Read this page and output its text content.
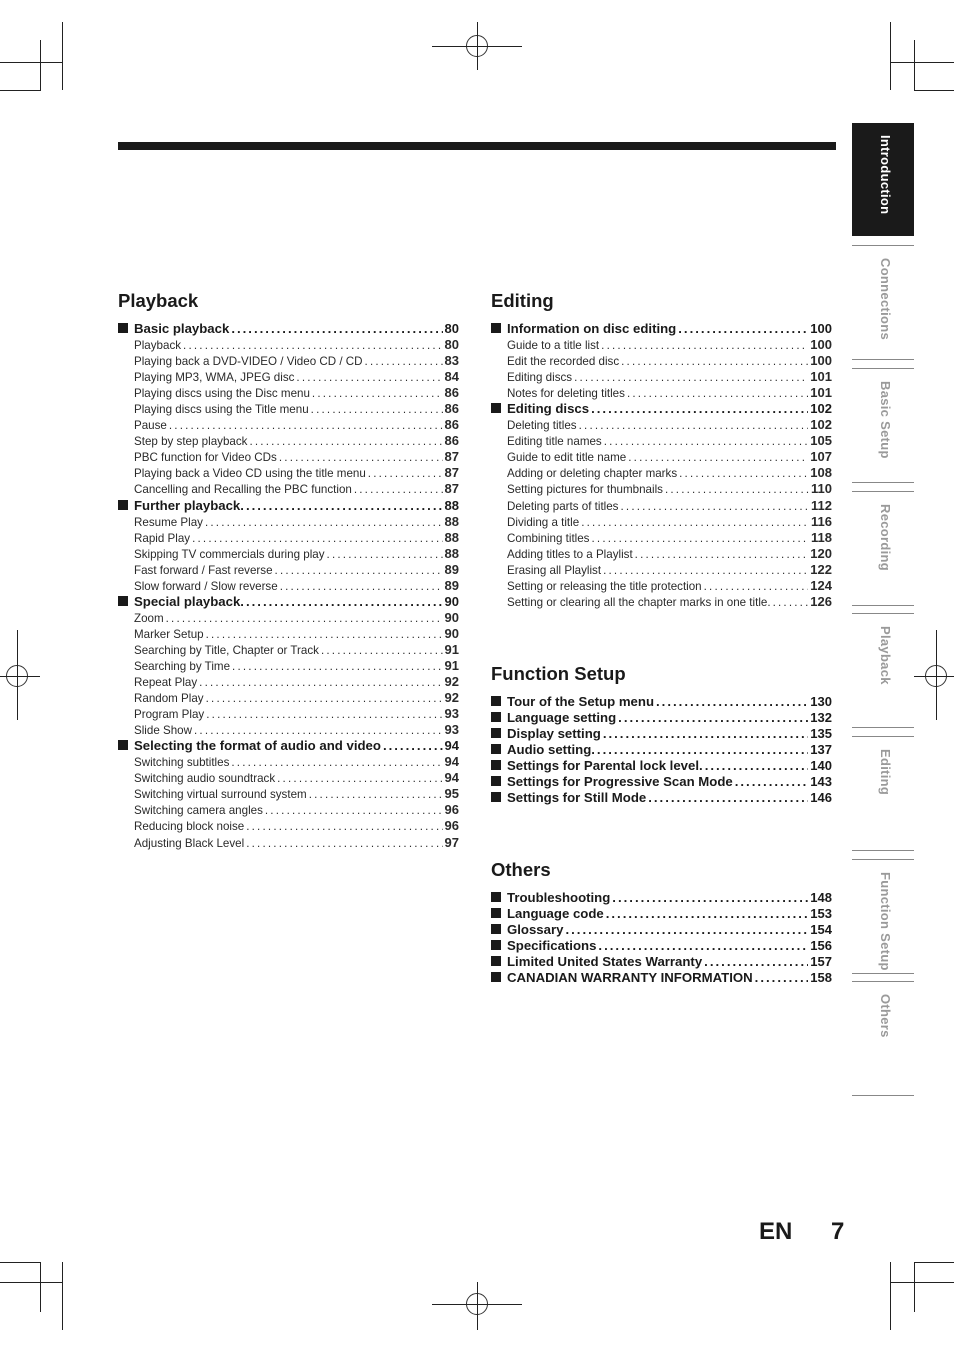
Playback
Basic playback .....	80
Playback .....	80
Playing back a DVD-VIDEO / Video CD / CD .....	83
Playing MP3, WMA, JPEG disc .....	84
Playing discs using the Disc menu .....	86
Playing discs using the Title menu .....	86
Pause .....	86
Step by step playback .....	86
PBC function for Video CDs .....	87
Playing back a Video CD using the title menu .....	87
Cancelling and Recalling the PBC function .....	87
Further playback. .....	88
Resume Play .....	88
Rapid Play .....	88
Skipping TV commercials during play .....	88
Fast forward / Fast reverse .....	89
Slow forward / Slow reverse .....	89
Special playback. .....	90
Zoom .....	90
Marker Setup .....	90
Searching by Title, Chapter or Track .....	91
Searching by Time .....	91
Repeat Play .....	92
Random Play .....	92
Program Play .....	93
Slide Show .....	93
Selecting the format of audio and video .....	94
Switching subtitles .....	94
Switching audio soundtrack .....	94
Switching virtual surround system .....	95
Switching camera angles .....	96
Reducing block noise .....	96
Adjusting Black Level .....	97
Editing
Information on disc editing .....	100
Guide to a title list .....	100
Edit the recorded disc .....	100
Editing discs .....	101
Notes for deleting titles .....	101
Editing discs .....	102
Deleting titles .....	102
Editing title names .....	105
Guide to edit title name .....	107
Adding or deleting chapter marks .....	108
Setting pictures for thumbnails .....	110
Deleting parts of titles .....	112
Dividing a title .....	116
Combining titles .....	118
Adding titles to a Playlist .....	120
Erasing all Playlist .....	122
Setting or releasing the title protection .....	124
Setting or clearing all the chapter marks in one title. .....	126
Function Setup
Tour of the Setup menu .....	130
Language setting .....	132
Display setting .....	135
Audio setting. .....	137
Settings for Parental lock level. .....	140
Settings for Progressive Scan Mode .....	143
Settings for Still Mode .....	146
Others
Troubleshooting .....	148
Language code .....	153
Glossary .....	154
Specifications .....	156
Limited United States Warranty .....	157
CANADIAN WARRANTY INFORMATION .....	158
Introduction
Connections
Basic Setup
Recording
Playback
Editing
Function Setup
Others
EN 7
